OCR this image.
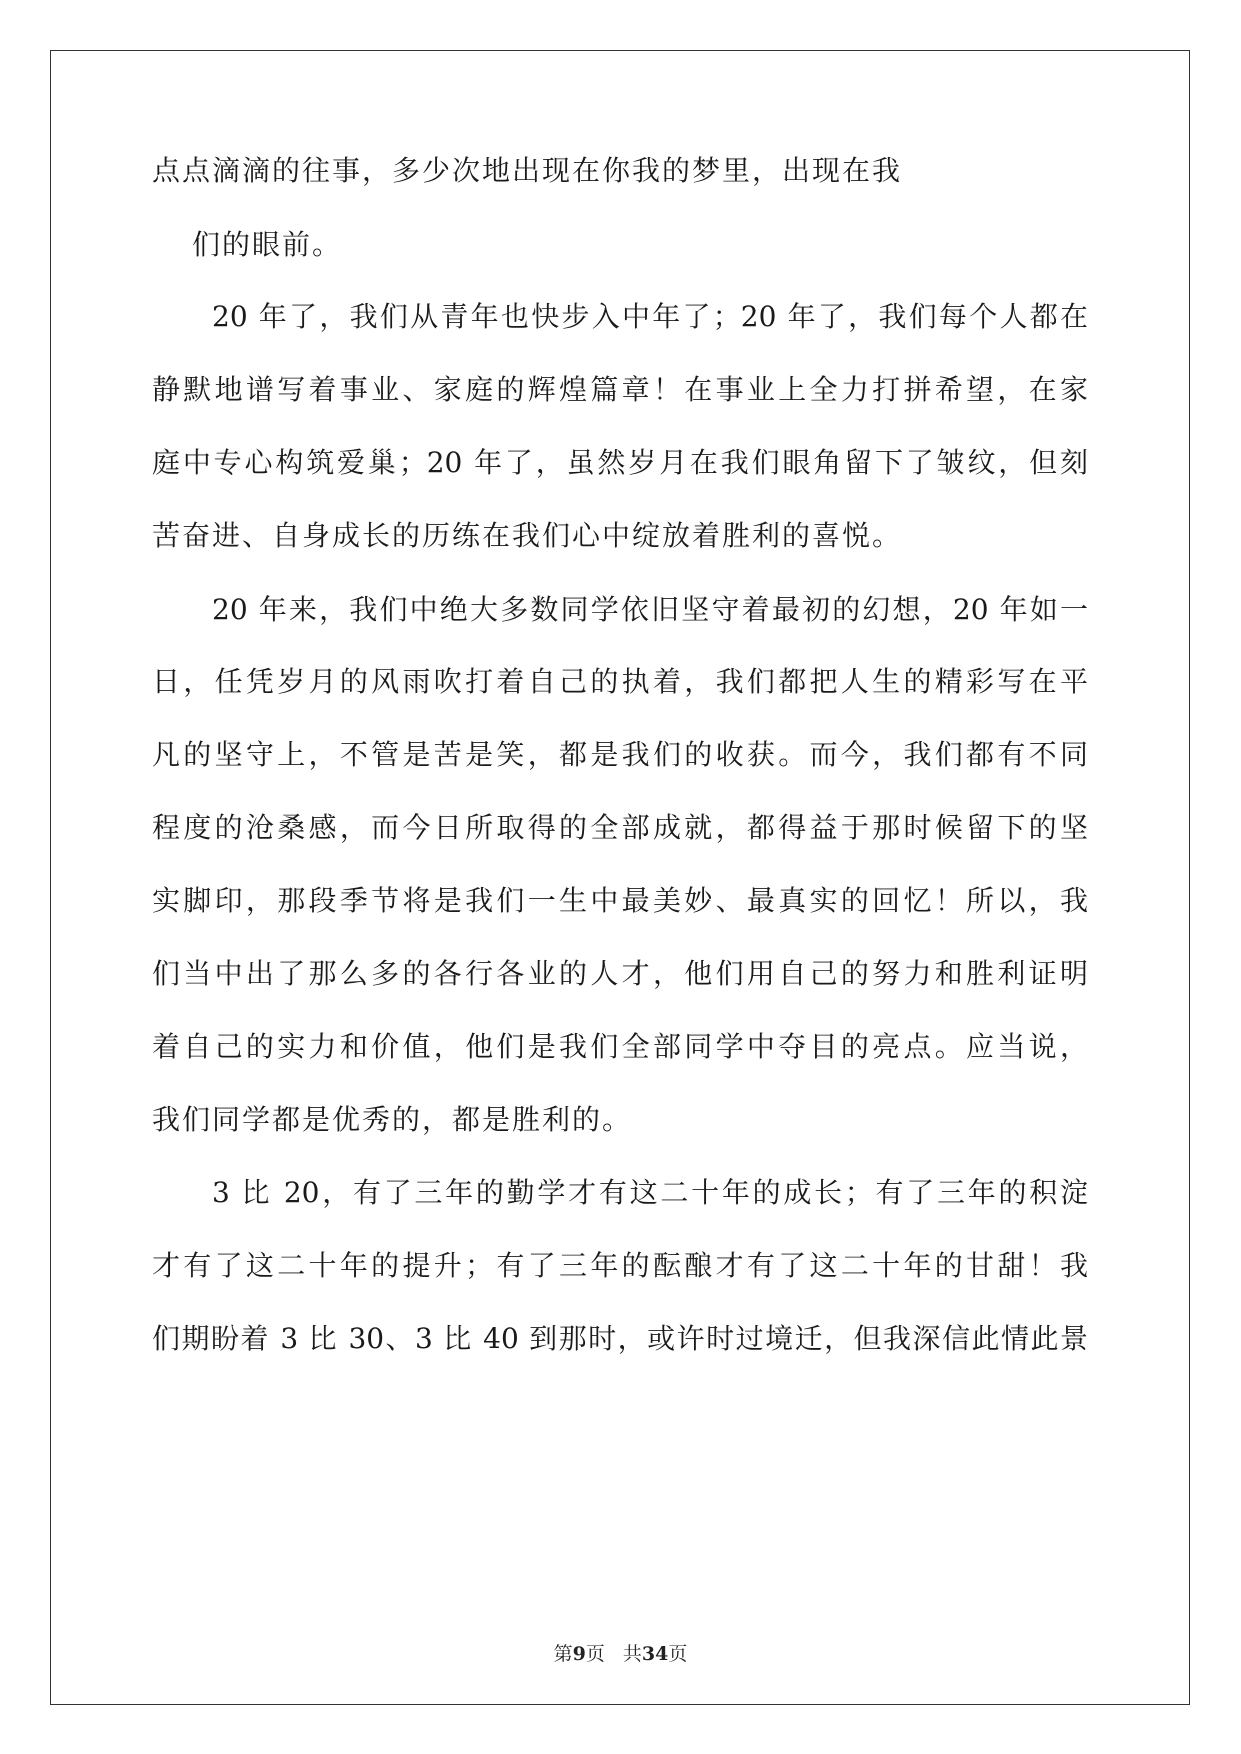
点点滴滴的往事，多少次地出现在你我的梦里，出现在我
们的眼前。
20 年了，我们从青年也快步入中年了；20 年了，我们每个人都在
静默地谱写着事业、家庭的辉煌篇章！在事业上全力打拼希望，在家
庭中专心构筑爱巢；20 年了，虽然岁月在我们眼角留下了皱纹，但刻
苦奋进、自身成长的历练在我们心中绽放着胜利的喜悦。
20 年来，我们中绝大多数同学依旧坚守着最初的幻想，20 年如一
日，任凭岁月的风雨吹打着自己的执着，我们都把人生的精彩写在平
凡的坚守上，不管是苦是笑，都是我们的收获。而今，我们都有不同
程度的沧桑感，而今日所取得的全部成就，都得益于那时候留下的坚
实脚印，那段季节将是我们一生中最美妙、最真实的回忆！所以，我
们当中出了那么多的各行各业的人才，他们用自己的努力和胜利证明
着自己的实力和价值，他们是我们全部同学中夺目的亮点。应当说，
我们同学都是优秀的，都是胜利的。
3 比 20，有了三年的勤学才有这二十年的成长；有了三年的积淀
才有了这二十年的提升；有了三年的酝酿才有了这二十年的甘甜！我
们期盼着 3 比 30、3 比 40 到那时，或许时过境迁，但我深信此情此景
第9页 共34页
